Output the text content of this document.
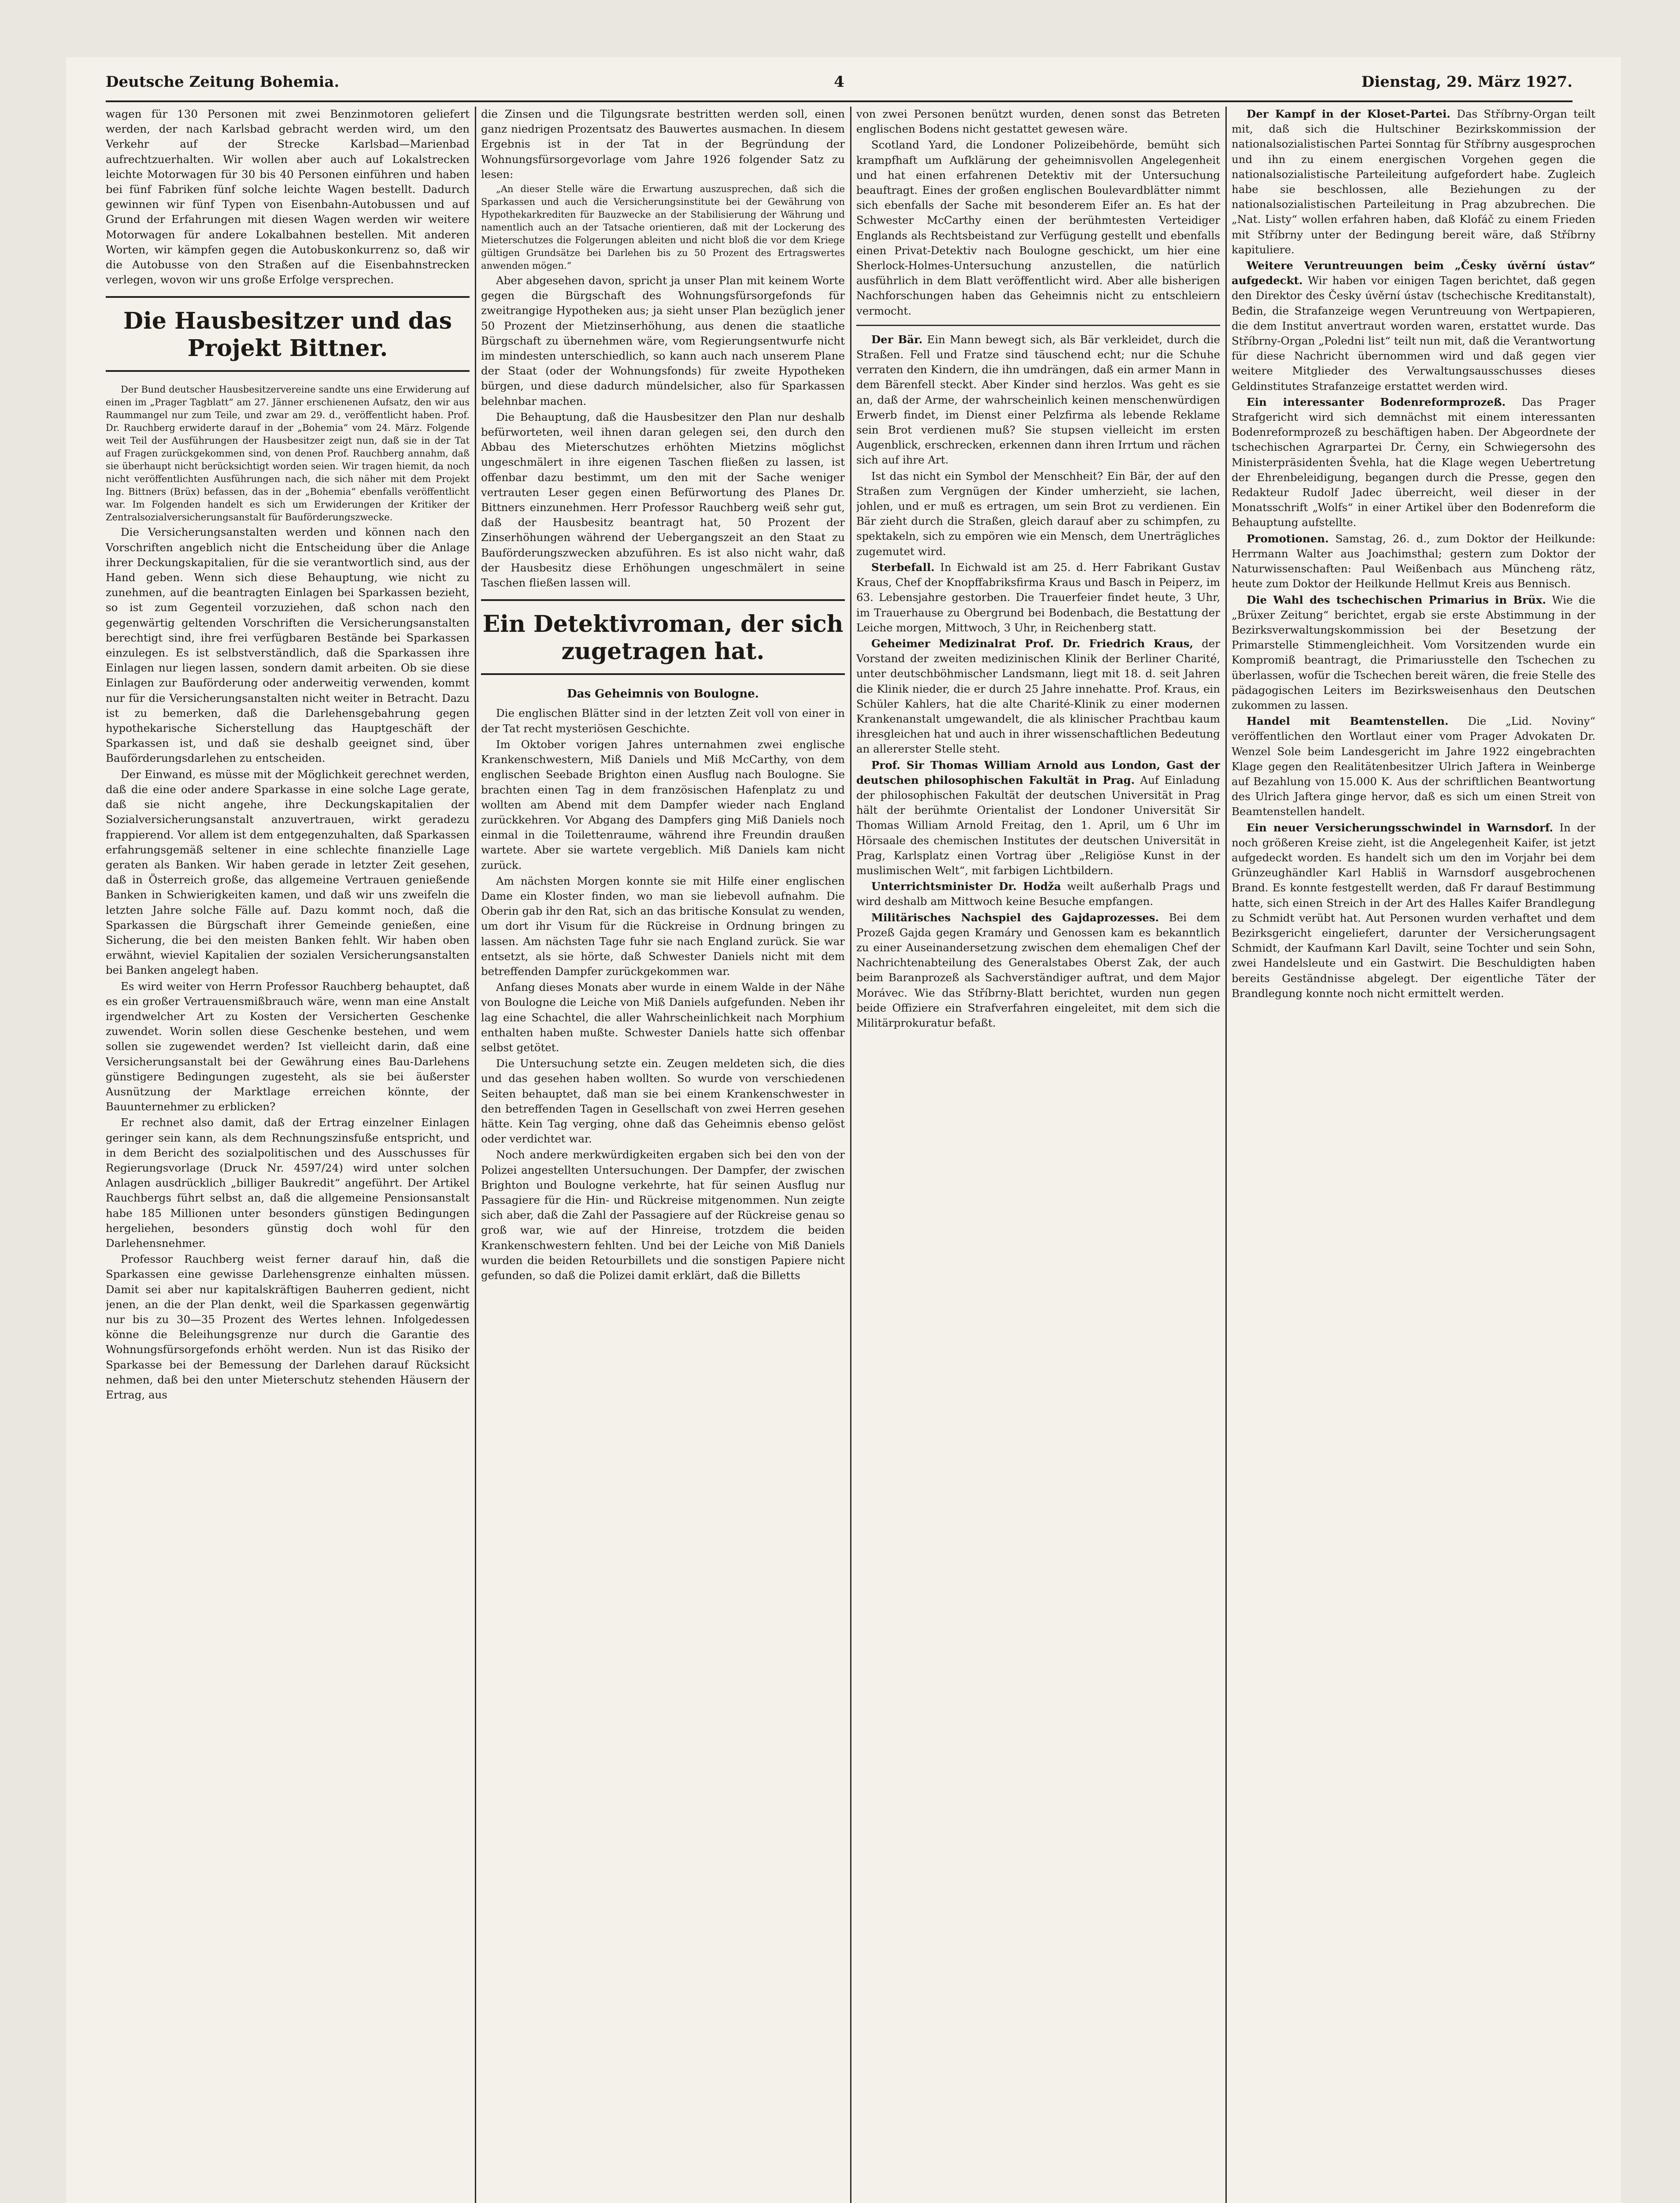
Deutsche Zeitung Bohemia.	4	Dienstag, 29. März 1927.

wagen für 130 Personen mit zwei Benzinmotoren geliefert werden, der nach Karlsbad gebracht werden wird, um den Verkehr auf der Strecke Karlsbad—Marienbad aufrechtzuerhalten. Wir wollen aber auch auf Lokalstrecken leichte Motorwagen für 30 bis 40 Personen einführen und haben bei fünf Fabriken fünf solche leichte Wagen bestellt. Dadurch gewinnen wir fünf Typen von Eisenbahn-Autobussen und auf Grund der Erfahrungen mit diesen Wagen werden wir weitere Motorwagen für andere Lokalbahnen bestellen. Mit anderen Worten, wir kämpfen gegen die Autobuskonkurrenz so, daß wir die Autobusse von den Straßen auf die Eisenbahnstrecken verlegen, wovon wir uns große Erfolge versprechen.

Die Hausbesitzer und das Projekt Bittner.

Der Bund deutscher Hausbesitzervereine sandte uns eine Erwiderung auf einen im „Prager Tagblatt“ am 27. Jänner erschienenen Aufsatz, den wir aus Raummangel nur zum Teile, und zwar am 29. d., veröffentlicht haben. Prof. Dr. Rauchberg erwiderte darauf in der „Bohemia“ vom 24. März. Folgende weit Teil der Ausführungen der Hausbesitzer zeigt nun, daß sie in der Tat auf Fragen zurückgekommen sind, von denen Prof. Rauchberg annahm, daß sie überhaupt nicht berücksichtigt worden seien. Wir tragen hiemit, da noch nicht veröffentlichten Ausführungen nach, die sich näher mit dem Projekt Ing. Bittners (Brüx) befassen, das in der „Bohemia“ ebenfalls veröffentlicht war. Im Folgenden handelt es sich um Erwiderungen der Kritiker der Zentralsozialversicherungsanstalt für Bauförderungszwecke.

Die Versicherungsanstalten werden und können nach den Vorschriften angeblich nicht die Entscheidung über die Anlage ihrer Deckungskapitalien, für die sie verantwortlich sind, aus der Hand geben. Wenn sich diese Behauptung, wie nicht zu zunehmen, auf die beantragten Einlagen bei Sparkassen bezieht, so ist zum Gegenteil vorzuziehen, daß schon nach den gegenwärtig geltenden Vorschriften die Versicherungsanstalten berechtigt sind, ihre frei verfügbaren Bestände bei Sparkassen einzulegen. Es ist selbstverständlich, daß die Sparkassen ihre Einlagen nur liegen lassen, sondern damit arbeiten. Ob sie diese Einlagen zur Bauförderung oder anderweitig verwenden, kommt nur für die Versicherungsanstalten nicht weiter in Betracht. Dazu ist zu bemerken, daß die Darlehensgebahrung gegen hypothekarische Sicherstellung das Hauptgeschäft der Sparkassen ist, und daß sie deshalb geeignet sind, über Bauförderungsdarlehen zu entscheiden.

Der Einwand, es müsse mit der Möglichkeit gerechnet werden, daß die eine oder andere Sparkasse in eine solche Lage gerate, daß sie nicht angehe, ihre Deckungskapitalien der Sozialversicherungsanstalt anzuvertrauen, wirkt geradezu frappierend. Vor allem ist dem entgegenzuhalten, daß Sparkassen erfahrungsgemäß seltener in eine schlechte finanzielle Lage geraten als Banken. Wir haben gerade in letzter Zeit gesehen, daß in Österreich große, das allgemeine Vertrauen genießende Banken in Schwierigkeiten kamen, und daß wir uns zweifeln die letzten Jahre solche Fälle auf. Dazu kommt noch, daß die Sparkassen die Bürgschaft ihrer Gemeinde genießen, eine Sicherung, die bei den meisten Banken fehlt. Wir haben oben erwähnt, wieviel Kapitalien der sozialen Versicherungsanstalten bei Banken angelegt haben.

Es wird weiter von Herrn Professor Rauchberg behauptet, daß es ein großer Vertrauensmißbrauch wäre, wenn man eine Anstalt irgendwelcher Art zu Kosten der Versicherten Geschenke zuwendet. Worin sollen diese Geschenke bestehen, und wem sollen sie zugewendet werden? Ist vielleicht darin, daß eine Versicherungsanstalt bei der Gewährung eines Bau-Darlehens günstigere Bedingungen zugesteht, als sie bei äußerster Ausnützung der Marktlage erreichen könnte, der Bauunternehmer zu erblicken?

Er rechnet also damit, daß der Ertrag einzelner Einlagen geringer sein kann, als dem Rechnungszinsfuße entspricht, und in dem Bericht des sozialpolitischen und des Ausschusses für Regierungsvorlage (Druck Nr. 4597/24) wird unter solchen Anlagen ausdrücklich „billiger Baukredit“ angeführt. Der Artikel Rauchbergs führt selbst an, daß die allgemeine Pensionsanstalt habe 185 Millionen unter besonders günstigen Bedingungen hergeliehen, besonders günstig doch wohl für den Darlehensnehmer.

Professor Rauchberg weist ferner darauf hin, daß die Sparkassen eine gewisse Darlehensgrenze einhalten müssen. Damit sei aber nur kapitalskräftigen Bauherren gedient, nicht jenen, an die der Plan denkt, weil die Sparkassen gegenwärtig nur bis zu 30—35 Prozent des Wertes lehnen. Infolgedessen könne die Beleihungsgrenze nur durch die Garantie des Wohnungsfürsorgefonds erhöht werden. Nun ist das Risiko der Sparkasse bei der Bemessung der Darlehen darauf Rücksicht nehmen, daß bei den unter Mieterschutz stehenden Häusern der Ertrag, aus

die Zinsen und die Tilgungsrate bestritten werden soll, einen ganz niedrigen Prozentsatz des Bauwertes ausmachen. In diesem Ergebnis ist in der Tat in der Begründung der Wohnungsfürsorgevorlage vom Jahre 1926 folgender Satz zu lesen:

„An dieser Stelle wäre die Erwartung auszusprechen, daß sich die Sparkassen und auch die Versicherungsinstitute bei der Gewährung von Hypothekarkrediten für Bauzwecke an der Stabilisierung der Währung und namentlich auch an der Tatsache orientieren, daß mit der Lockerung des Mieterschutzes die Folgerungen ableiten und nicht bloß die vor dem Kriege gültigen Grundsätze bei Darlehen bis zu 50 Prozent des Ertragswertes anwenden mögen.“

Aber abgesehen davon, spricht ja unser Plan mit keinem Worte gegen die Bürgschaft des Wohnungsfürsorgefonds für zweitrangige Hypotheken aus; ja sieht unser Plan bezüglich jener 50 Prozent der Mietzinserhöhung, aus denen die staatliche Bürgschaft zu übernehmen wäre, vom Regierungsentwurfe nicht im mindesten unterschiedlich, so kann auch nach unserem Plane der Staat (oder der Wohnungsfonds) für zweite Hypotheken bürgen, und diese dadurch mündelsicher, also für Sparkassen belehnbar machen.

Die Behauptung, daß die Hausbesitzer den Plan nur deshalb befürworteten, weil ihnen daran gelegen sei, den durch den Abbau des Mieterschutzes erhöhten Mietzins möglichst ungeschmälert in ihre eigenen Taschen fließen zu lassen, ist offenbar dazu bestimmt, um den mit der Sache weniger vertrauten Leser gegen einen Befürwortung des Planes Dr. Bittners einzunehmen. Herr Professor Rauchberg weiß sehr gut, daß der Hausbesitz beantragt hat, 50 Prozent der Zinserhöhungen während der Uebergangszeit an den Staat zu Bauförderungszwecken abzuführen. Es ist also nicht wahr, daß der Hausbesitz diese Erhöhungen ungeschmälert in seine Taschen fließen lassen will.

Ein Detektivroman, der sich zugetragen hat.

Das Geheimnis von Boulogne.

Die englischen Blätter sind in der letzten Zeit voll von einer in der Tat recht mysteriösen Geschichte.

Im Oktober vorigen Jahres unternahmen zwei englische Krankenschwestern, Miß Daniels und Miß McCarthy, von dem englischen Seebade Brighton einen Ausflug nach Boulogne. Sie brachten einen Tag in dem französischen Hafenplatz zu und wollten am Abend mit dem Dampfer wieder nach England zurückkehren. Vor Abgang des Dampfers ging Miß Daniels noch einmal in die Toilettenraume, während ihre Freundin draußen wartete. Aber sie wartete vergeblich. Miß Daniels kam nicht zurück.

Am nächsten Morgen konnte sie mit Hilfe einer englischen Dame ein Kloster finden, wo man sie liebevoll aufnahm. Die Oberin gab ihr den Rat, sich an das britische Konsulat zu wenden, um dort ihr Visum für die Rückreise in Ordnung bringen zu lassen. Am nächsten Tage fuhr sie nach England zurück. Sie war entsetzt, als sie hörte, daß Schwester Daniels nicht mit dem betreffenden Dampfer zurückgekommen war.

Anfang dieses Monats aber wurde in einem Walde in der Nähe von Boulogne die Leiche von Miß Daniels aufgefunden. Neben ihr lag eine Schachtel, die aller Wahrscheinlichkeit nach Morphium enthalten haben mußte. Schwester Daniels hatte sich offenbar selbst getötet.

Die Untersuchung setzte ein. Zeugen meldeten sich, die dies und das gesehen haben wollten. So wurde von verschiedenen Seiten behauptet, daß man sie bei einem Krankenschwester in den betreffenden Tagen in Gesellschaft von zwei Herren gesehen hätte. Kein Tag verging, ohne daß das Geheimnis ebenso gelöst oder verdichtet war.

Noch andere merkwürdigkeiten ergaben sich bei den von der Polizei angestellten Untersuchungen. Der Dampfer, der zwischen Brighton und Boulogne verkehrte, hat für seinen Ausflug nur Passagiere für die Hin- und Rückreise mitgenommen. Nun zeigte sich aber, daß die Zahl der Passagiere auf der Rückreise genau so groß war, wie auf der Hinreise, trotzdem die beiden Krankenschwestern fehlten. Und bei der Leiche von Miß Daniels wurden die beiden Retourbillets und die sonstigen Papiere nicht gefunden, so daß die Polizei damit erklärt, daß die Billetts

von zwei Personen benützt wurden, denen sonst das Betreten englischen Bodens nicht gestattet gewesen wäre.

Scotland Yard, die Londoner Polizeibehörde, bemüht sich krampfhaft um Aufklärung der geheimnisvollen Angelegenheit und hat einen erfahrenen Detektiv mit der Untersuchung beauftragt. Eines der großen englischen Boulevardblätter nimmt sich ebenfalls der Sache mit besonderem Eifer an. Es hat der Schwester McCarthy einen der berühmtesten Verteidiger Englands als Rechtsbeistand zur Verfügung gestellt und ebenfalls einen Privat-Detektiv nach Boulogne geschickt, um hier eine Sherlock-Holmes-Untersuchung anzustellen, die natürlich ausführlich in dem Blatt veröffentlicht wird. Aber alle bisherigen Nachforschungen haben das Geheimnis nicht zu entschleiern vermocht.

Der Bär. Ein Mann bewegt sich, als Bär verkleidet, durch die Straßen. Fell und Fratze sind täuschend echt; nur die Schuhe verraten den Kindern, die ihn umdrängen, daß ein armer Mann in dem Bärenfell steckt. Aber Kinder sind herzlos. Was geht es sie an, daß der Arme, der wahrscheinlich keinen menschenwürdigen Erwerb findet, im Dienst einer Pelzfirma als lebende Reklame sein Brot verdienen muß? Sie stupsen vielleicht im ersten Augenblick, erschrecken, erkennen dann ihren Irrtum und rächen sich auf ihre Art.

Ist das nicht ein Symbol der Menschheit? Ein Bär, der auf den Straßen zum Vergnügen der Kinder umherzieht, sie lachen, johlen, und er muß es ertragen, um sein Brot zu verdienen. Ein Bär zieht durch die Straßen, gleich darauf aber zu schimpfen, zu spektakeln, sich zu empören wie ein Mensch, dem Unerträgliches zugemutet wird.

Sterbefall. In Eichwald ist am 25. d. Herr Fabrikant Gustav Kraus, Chef der Knopffabriksfirma Kraus und Basch in Peiperz, im 63. Lebensjahre gestorben. Die Trauerfeier findet heute, 3 Uhr, im Trauerhause zu Obergrund bei Bodenbach, die Bestattung der Leiche morgen, Mittwoch, 3 Uhr, in Reichenberg statt.

Geheimer Medizinalrat Prof. Dr. Friedrich Kraus, der Vorstand der zweiten medizinischen Klinik der Berliner Charité, unter deutschböhmischer Landsmann, liegt mit 18. d. seit Jahren die Klinik nieder, die er durch 25 Jahre innehatte. Prof. Kraus, ein Schüler Kahlers, hat die alte Charité-Klinik zu einer modernen Krankenanstalt umgewandelt, die als klinischer Prachtbau kaum ihresgleichen hat und auch in ihrer wissenschaftlichen Bedeutung an allererster Stelle steht.

Prof. Sir Thomas William Arnold aus London, Gast der deutschen philosophischen Fakultät in Prag. Auf Einladung der philosophischen Fakultät der deutschen Universität in Prag hält der berühmte Orientalist der Londoner Universität Sir Thomas William Arnold Freitag, den 1. April, um 6 Uhr im Hörsaale des chemischen Institutes der deutschen Universität in Prag, Karlsplatz einen Vortrag über „Religiöse Kunst in der muslimischen Welt“, mit farbigen Lichtbildern.

Unterrichtsminister Dr. Hodža weilt außerhalb Prags und wird deshalb am Mittwoch keine Besuche empfangen.

Militärisches Nachspiel des Gajdaprozesses. Bei dem Prozeß Gajda gegen Kramáry und Genossen kam es bekanntlich zu einer Auseinandersetzung zwischen dem ehemaligen Chef der Nachrichtenabteilung des Generalstabes Oberst Zak, der auch beim Baranprozeß als Sachverständiger auftrat, und dem Major Morávec. Wie das Stříbrny-Blatt berichtet, wurden nun gegen beide Offiziere ein Strafverfahren eingeleitet, mit dem sich die Militärprokuratur befaßt.

Der Kampf in der Kloset-Partei. Das Stříbrny-Organ teilt mit, daß sich die Hultschiner Bezirkskommission der nationalsozialistischen Partei Sonntag für Stříbrny ausgesprochen und ihn zu einem energischen Vorgehen gegen die nationalsozialistische Parteileitung aufgefordert habe. Zugleich habe sie beschlossen, alle Beziehungen zu der nationalsozialistischen Parteileitung in Prag abzubrechen. Die „Nat. Listy“ wollen erfahren haben, daß Klofáč zu einem Frieden mit Stříbrny unter der Bedingung bereit wäre, daß Stříbrny kapituliere.

Weitere Veruntreuungen beim „Česky úvěrní ústav“ aufgedeckt. Wir haben vor einigen Tagen berichtet, daß gegen den Direktor des Česky úvěrní ústav (tschechische Kreditanstalt), Beđin, die Strafanzeige wegen Veruntreuung von Wertpapieren, die dem Institut anvertraut worden waren, erstattet wurde. Das Stříbrny-Organ „Poledni list“ teilt nun mit, daß die Verantwortung für diese Nachricht übernommen wird und daß gegen vier weitere Mitglieder des Verwaltungsausschusses dieses Geldinstitutes Strafanzeige erstattet werden wird.

Ein interessanter Bodenreformprozeß. Das Prager Strafgericht wird sich demnächst mit einem interessanten Bodenreformprozeß zu beschäftigen haben. Der Abgeordnete der tschechischen Agrarpartei Dr. Černy, ein Schwiegersohn des Ministerpräsidenten Švehla, hat die Klage wegen Uebertretung der Ehrenbeleidigung, begangen durch die Presse, gegen den Redakteur Rudolf Jadec überreicht, weil dieser in der Monatsschrift „Wolfs“ in einer Artikel über den Bodenreform die Behauptung aufstellte.

Promotionen. Samstag, 26. d., zum Doktor der Heilkunde: Herrmann Walter aus Joachimsthal; gestern zum Doktor der Naturwissenschaften: Paul Weißenbach aus Müncheng rätz, heute zum Doktor der Heilkunde Hellmut Kreis aus Bennisch.

Die Wahl des tschechischen Primarius in Brüx. Wie die „Brüxer Zeitung“ berichtet, ergab sie erste Abstimmung in der Bezirksverwaltungskommission bei der Besetzung der Primarstelle Stimmengleichheit. Vom Vorsitzenden wurde ein Kompromiß beantragt, die Primariusstelle den Tschechen zu überlassen, wofür die Tschechen bereit wären, die freie Stelle des pädagogischen Leiters im Bezirksweisenhaus den Deutschen zukommen zu lassen.

Handel mit Beamtenstellen. Die „Lid. Noviny“ veröffentlichen den Wortlaut einer vom Prager Advokaten Dr. Wenzel Sole beim Landesgericht im Jahre 1922 eingebrachten Klage gegen den Realitätenbesitzer Ulrich Jaftera in Weinberge auf Bezahlung von 15.000 K. Aus der schriftlichen Beantwortung des Ulrich Jaftera ginge hervor, daß es sich um einen Streit von Beamtenstellen handelt.

Ein neuer Versicherungsschwindel in Warnsdorf. In der noch größeren Kreise zieht, ist die Angelegenheit Kaifer, ist jetzt aufgedeckt worden. Es handelt sich um den im Vorjahr bei dem Grünzeughändler Karl Habliš in Warnsdorf ausgebrochenen Brand. Es konnte festgestellt werden, daß Fr darauf Bestimmung hatte, sich einen Streich in der Art des Halles Kaifer Brandlegung zu Schmidt verübt hat. Aut Personen wurden verhaftet und dem Bezirksgericht eingeliefert, darunter der Versicherungsagent Schmidt, der Kaufmann Karl Davilt, seine Tochter und sein Sohn, zwei Handelsleute und ein Gastwirt. Die Beschuldigten haben bereits Geständnisse abgelegt. Der eigentliche Täter der Brandlegung konnte noch nicht ermittelt werden.
